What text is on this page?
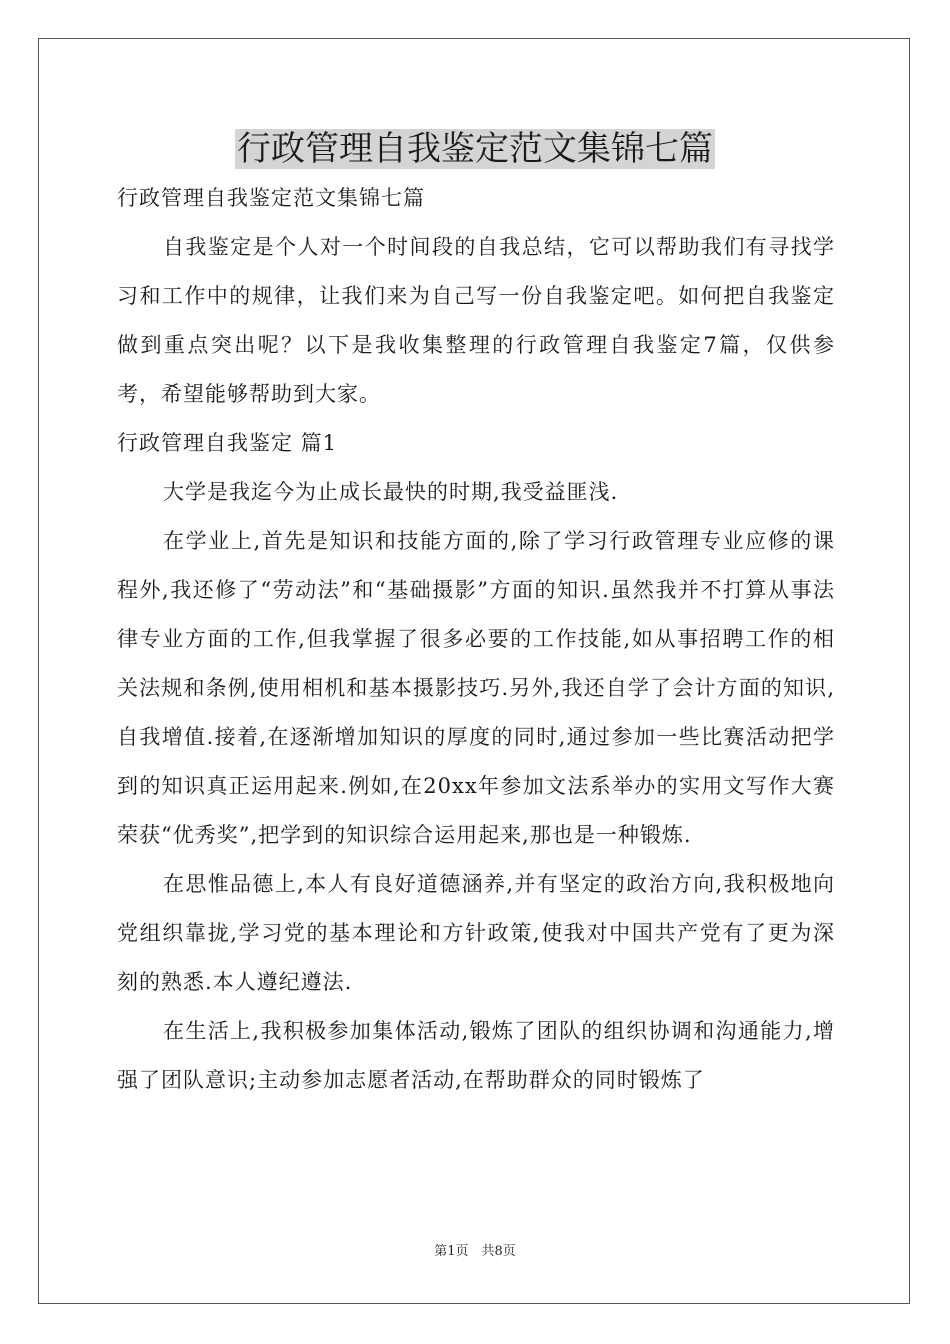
行政管理自我鉴定范文集锦七篇

行政管理自我鉴定范文集锦七篇

自我鉴定是个人对一个时间段的自我总结，它可以帮助我们有寻找学习和工作中的规律，让我们来为自己写一份自我鉴定吧。如何把自我鉴定做到重点突出呢？以下是我收集整理的行政管理自我鉴定7篇，仅供参考，希望能够帮助到大家。

行政管理自我鉴定 篇1

大学是我迄今为止成长最快的时期,我受益匪浅.

在学业上,首先是知识和技能方面的,除了学习行政管理专业应修的课程外,我还修了“劳动法”和“基础摄影”方面的知识.虽然我并不打算从事法律专业方面的工作,但我掌握了很多必要的工作技能,如从事招聘工作的相关法规和条例,使用相机和基本摄影技巧.另外,我还自学了会计方面的知识,自我增值.接着,在逐渐增加知识的厚度的同时,通过参加一些比赛活动把学到的知识真正运用起来.例如,在20xx年参加文法系举办的实用文写作大赛荣获“优秀奖”,把学到的知识综合运用起来,那也是一种锻炼.

在思惟品德上,本人有良好道德涵养,并有坚定的政治方向,我积极地向党组织靠拢,学习党的基本理论和方针政策,使我对中国共产党有了更为深刻的熟悉.本人遵纪遵法.

在生活上,我积极参加集体活动,锻炼了团队的组织协调和沟通能力,增强了团队意识;主动参加志愿者活动,在帮助群众的同时锻炼了

第1页　共8页
